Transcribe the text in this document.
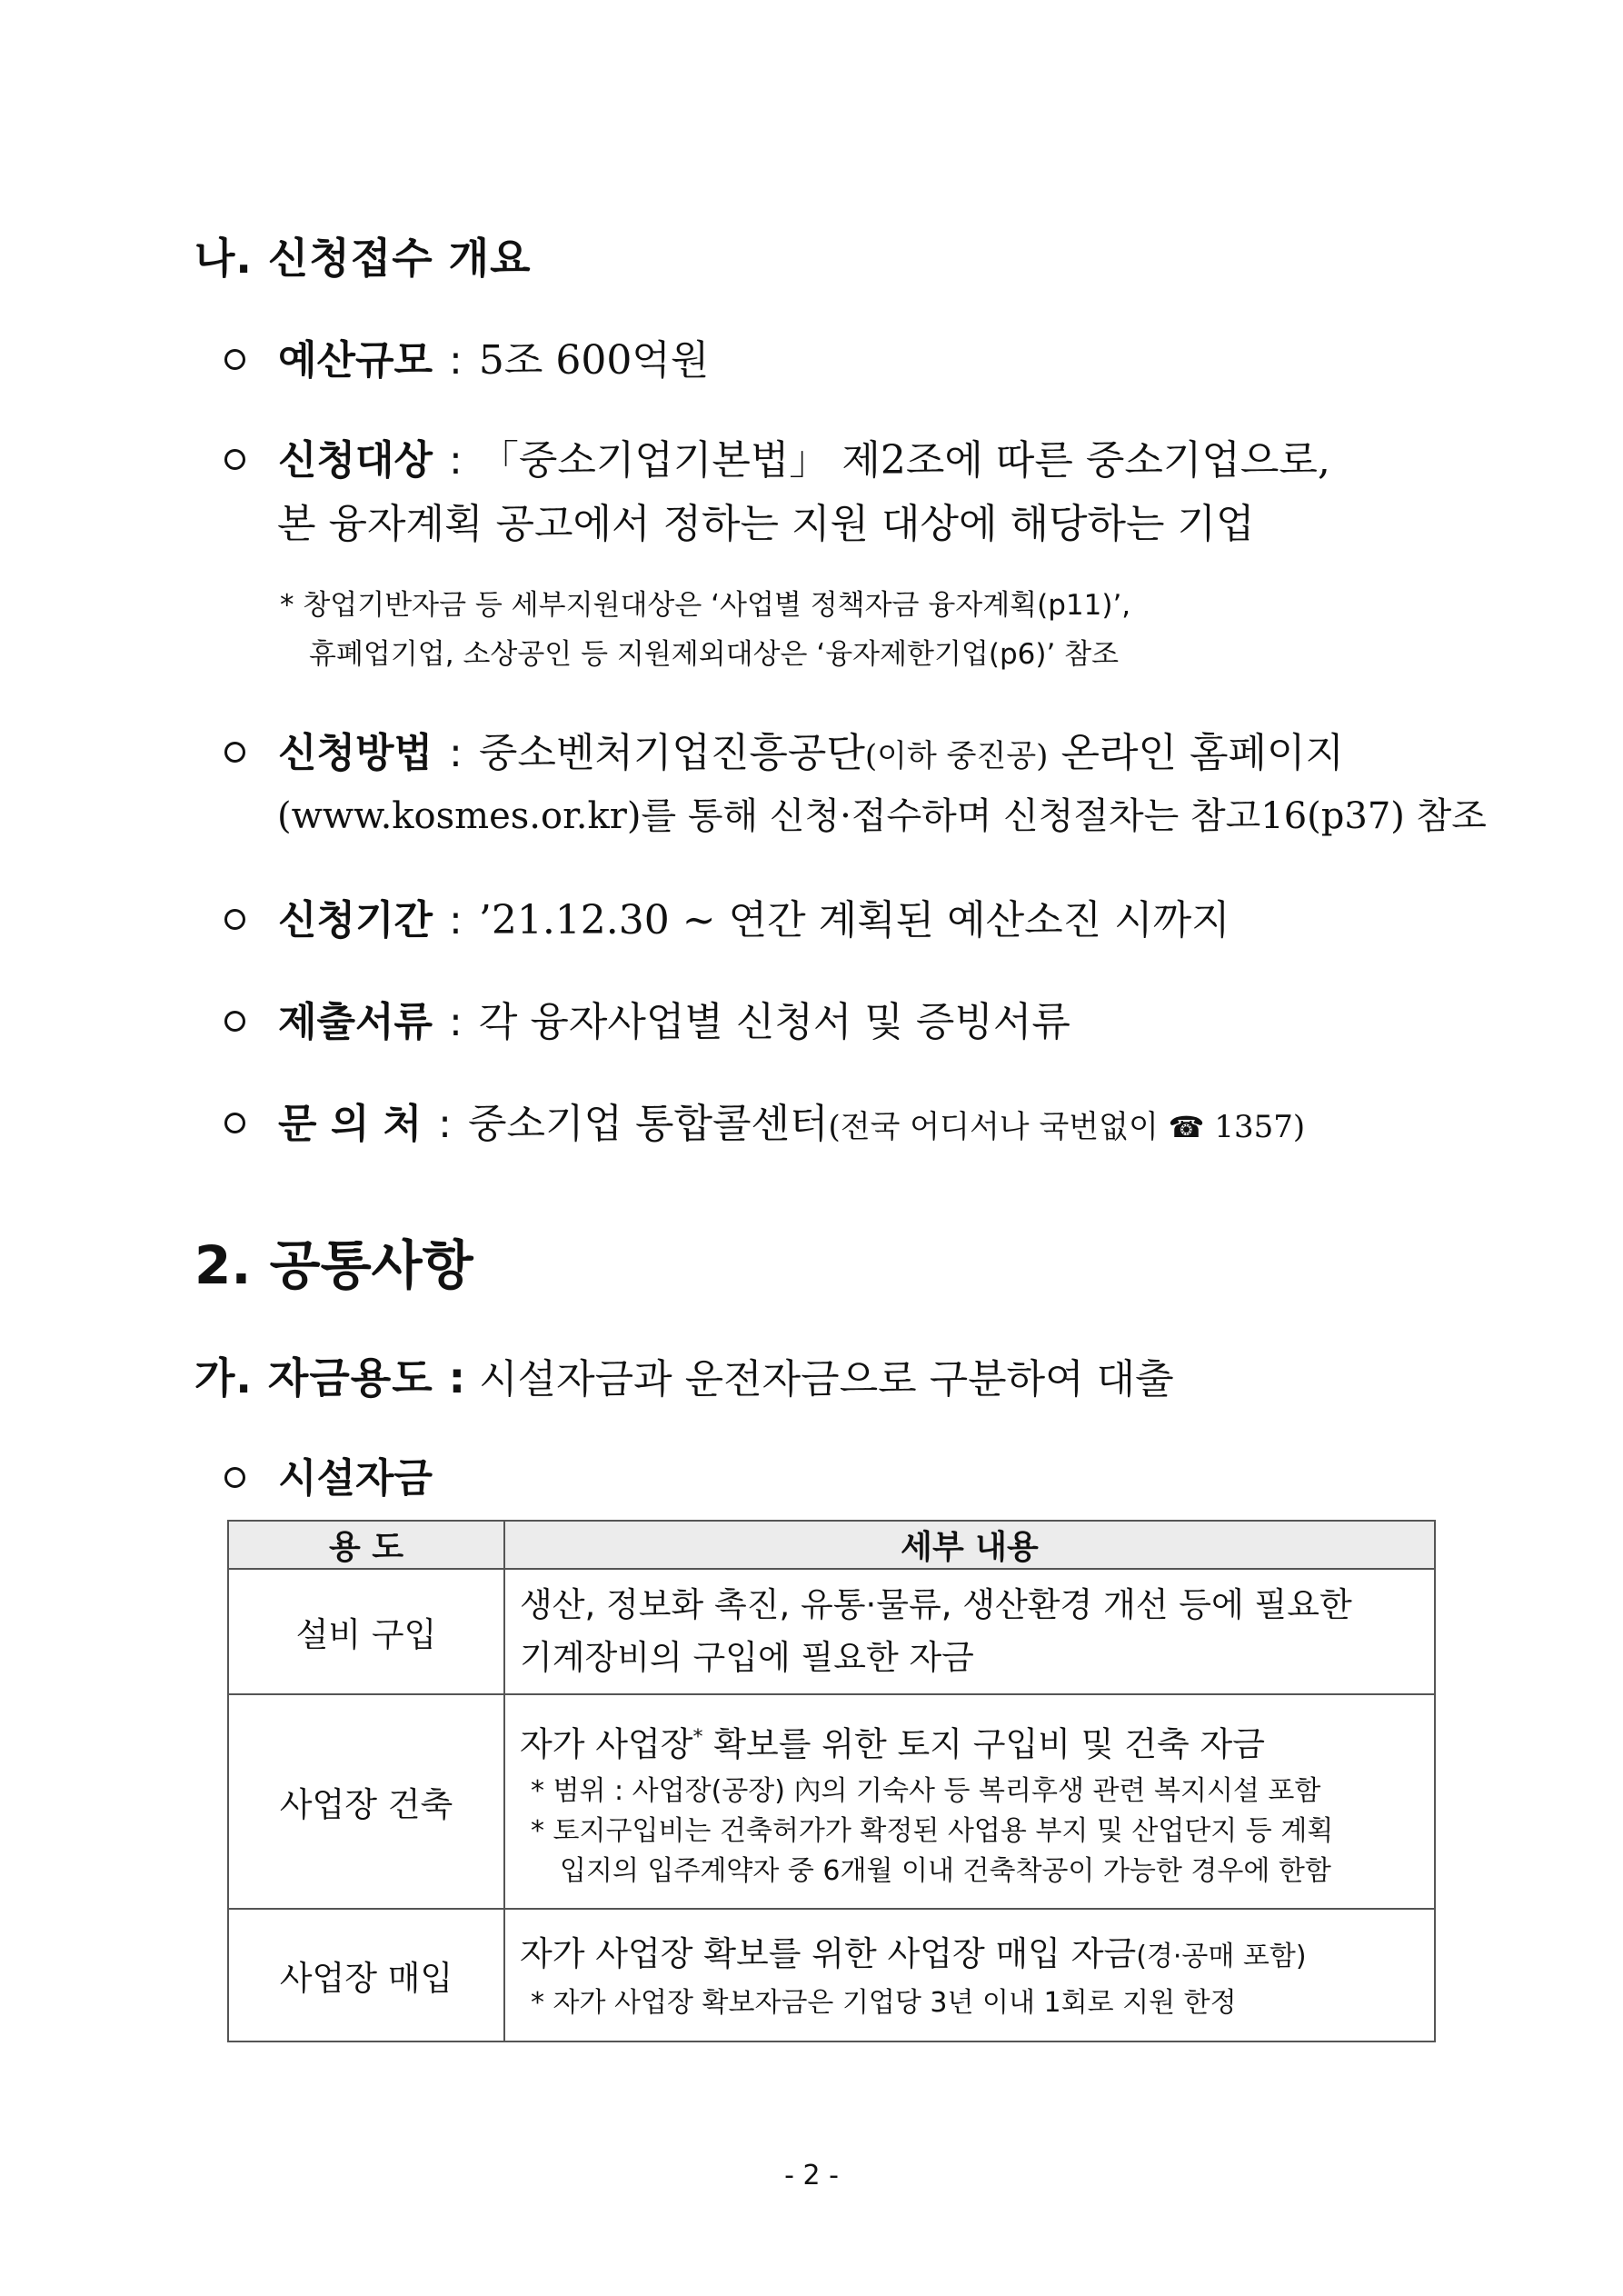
나. 신청접수 개요
예산규모 : 5조 600억원
신청대상 : 「중소기업기본법」 제2조에 따른 중소기업으로,
본 융자계획 공고에서 정하는 지원 대상에 해당하는 기업
* 창업기반자금 등 세부지원대상은 ‘사업별 정책자금 융자계획(p11)’,
휴폐업기업, 소상공인 등 지원제외대상은 ‘융자제한기업(p6)’ 참조
신청방법 : 중소벤처기업진흥공단(이하 중진공) 온라인 홈페이지
(www.kosmes.or.kr)를 통해 신청·접수하며 신청절차는 참고16(p37) 참조
신청기간 : ’21.12.30 ~ 연간 계획된 예산소진 시까지
제출서류 : 각 융자사업별 신청서 및 증빙서류
문 의 처 : 중소기업 통합콜센터(전국 어디서나 국번없이 ☎ 1357)
2. 공통사항
가. 자금용도 : 시설자금과 운전자금으로 구분하여 대출
시설자금
용 도	세부 내용
설비 구입	생산, 정보화 촉진, 유통·물류, 생산환경 개선 등에 필요한
기계장비의 구입에 필요한 자금

사업장 건축	자가 사업장* 확보를 위한 토지 구입비 및 건축 자금
* 범위 : 사업장(공장) 內의 기숙사 등 복리후생 관련 복지시설 포함
* 토지구입비는 건축허가가 확정된 사업용 부지 및 산업단지 등 계획
입지의 입주계약자 중 6개월 이내 건축착공이 가능한 경우에 한함

사업장 매입	자가 사업장 확보를 위한 사업장 매입 자금(경·공매 포함)
* 자가 사업장 확보자금은 기업당 3년 이내 1회로 지원 한정
- 2 -
